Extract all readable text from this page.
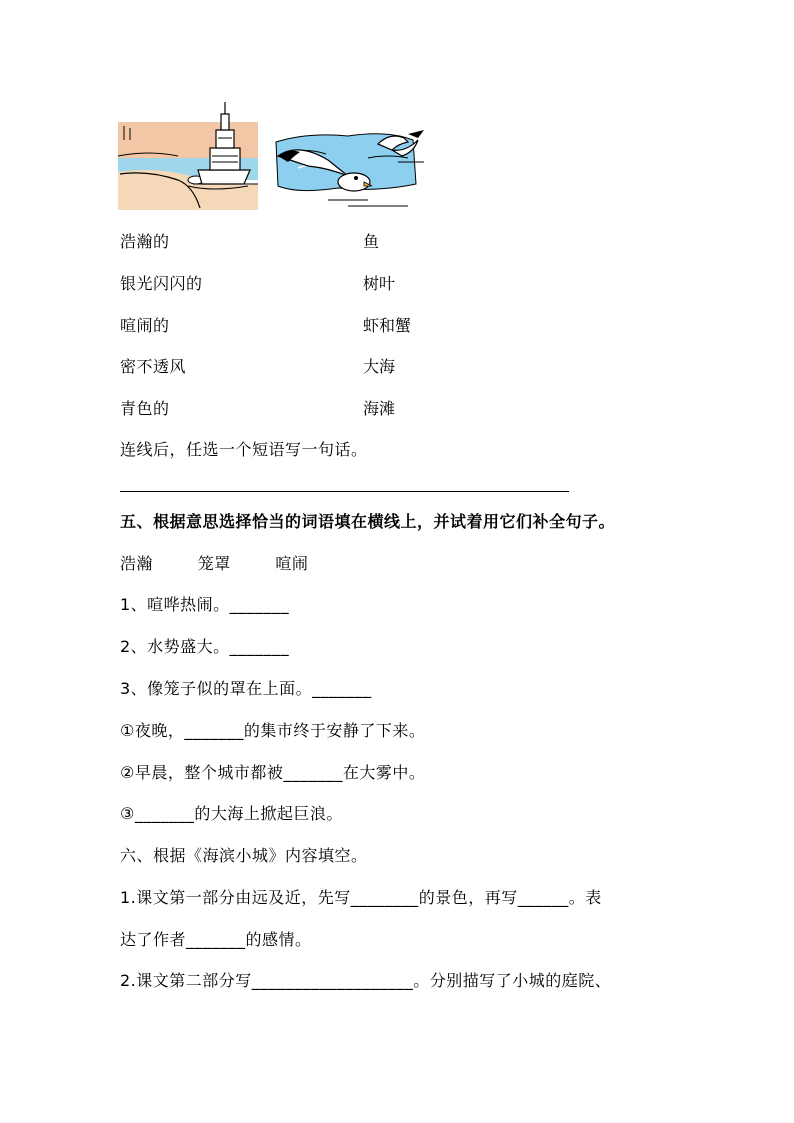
浩瀚的	鱼
银光闪闪的	树叶
喧闹的	虾和蟹
密不透风	大海
青色的	海滩
连线后，任选一个短语写一句话。
五、根据意思选择恰当的词语填在横线上，并试着用它们补全句子。
浩瀚        笼罩        喧闹
1、喧哗热闹。_______
2、水势盛大。_______
3、像笼子似的罩在上面。_______
①夜晚，_______的集市终于安静了下来。
②早晨，整个城市都被_______在大雾中。
③_______的大海上掀起巨浪。
六、根据《海滨小城》内容填空。
1.课文第一部分由远及近，先写________的景色，再写______。表
达了作者_______的感情。
2.课文第二部分写___________________。分别描写了小城的庭院、
